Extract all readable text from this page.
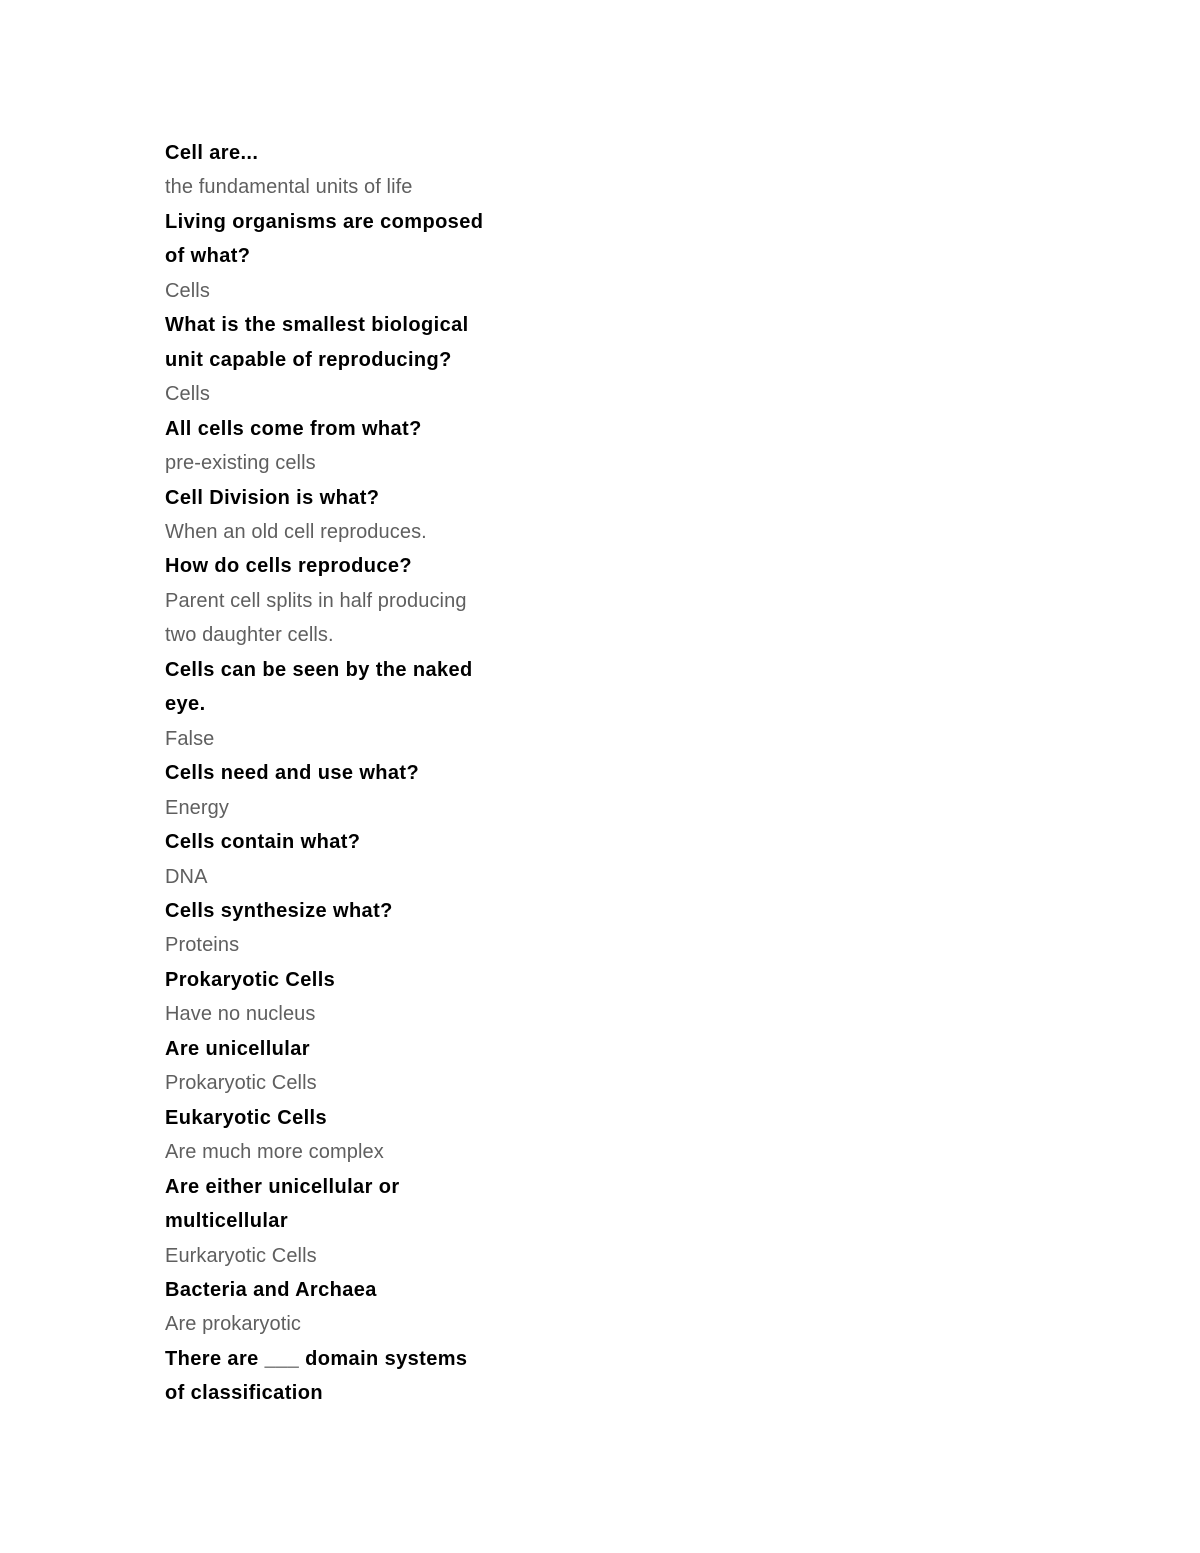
Cell are...
the fundamental units of life
Living organisms are composed
of what?
Cells
What is the smallest biological
unit capable of reproducing?
Cells
All cells come from what?
pre-existing cells
Cell Division is what?
When an old cell reproduces.
How do cells reproduce?
Parent cell splits in half producing
two daughter cells.
Cells can be seen by the naked
eye.
False
Cells need and use what?
Energy
Cells contain what?
DNA
Cells synthesize what?
Proteins
Prokaryotic Cells
Have no nucleus
Are unicellular
Prokaryotic Cells
Eukaryotic Cells
Are much more complex
Are either unicellular or
multicellular
Eurkaryotic Cells
Bacteria and Archaea
Are prokaryotic
There are ___ domain systems
of classification
